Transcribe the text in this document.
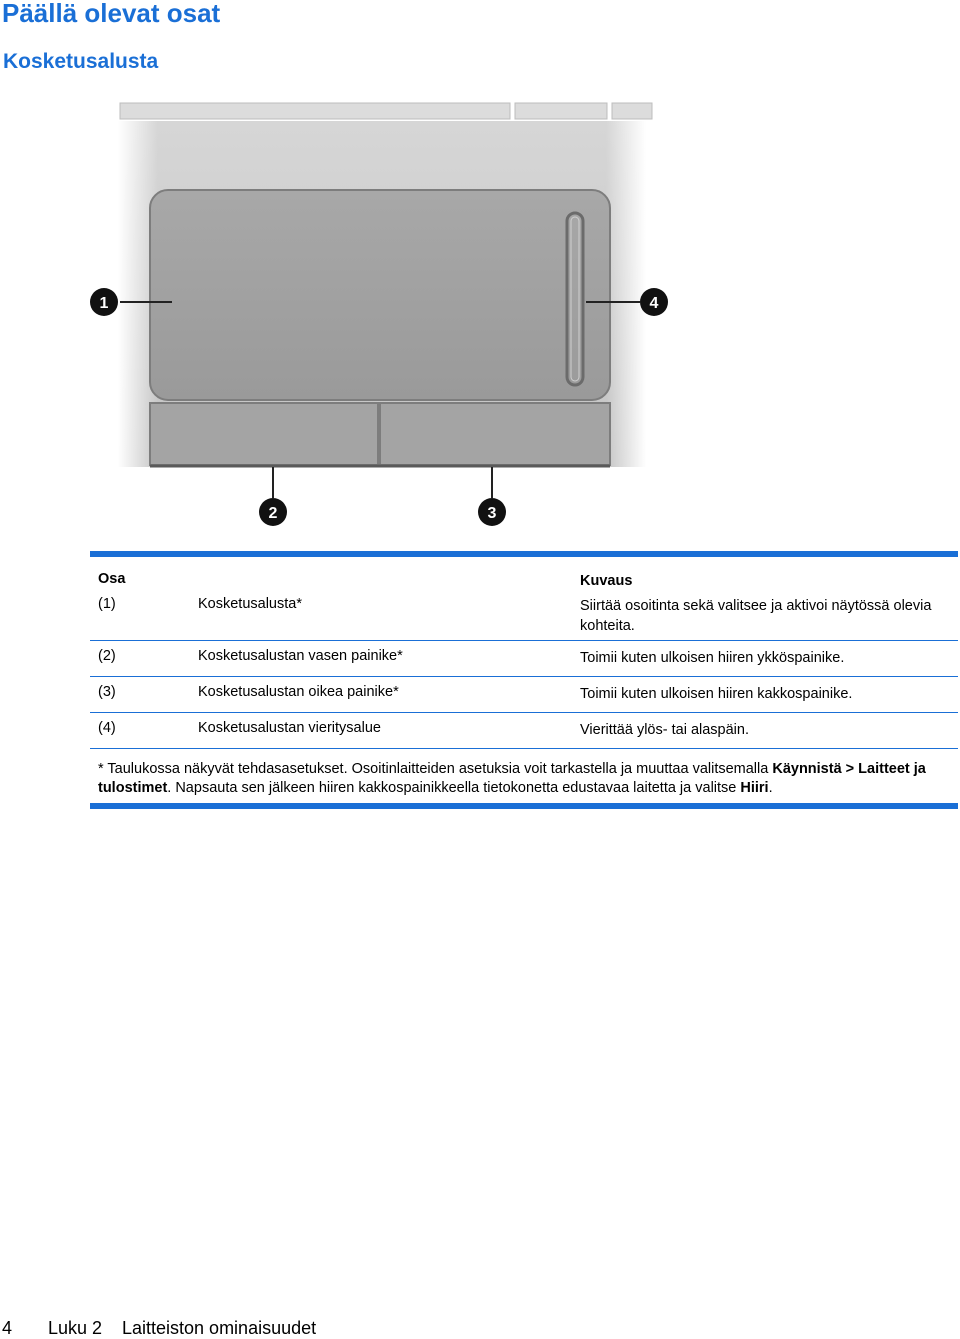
Päällä olevat osat
Kosketusalusta
1	4
2	3
Osa	Kuvaus
(1)	Kosketusalusta*	Siirtää osoitinta sekä valitsee ja aktivoi näytössä olevia kohteita.
(2)	Kosketusalustan vasen painike*	Toimii kuten ulkoisen hiiren ykköspainike.
(3)	Kosketusalustan oikea painike*	Toimii kuten ulkoisen hiiren kakkospainike.
(4)	Kosketusalustan vieritysalue	Vierittää ylös- tai alaspäin.
* Taulukossa näkyvät tehdasasetukset. Osoitinlaitteiden asetuksia voit tarkastella ja muuttaa valitsemalla Käynnistä > Laitteet ja tulostimet. Napsauta sen jälkeen hiiren kakkospainikkeella tietokonetta edustavaa laitetta ja valitse Hiiri.
4 Luku 2 Laitteiston ominaisuudet
